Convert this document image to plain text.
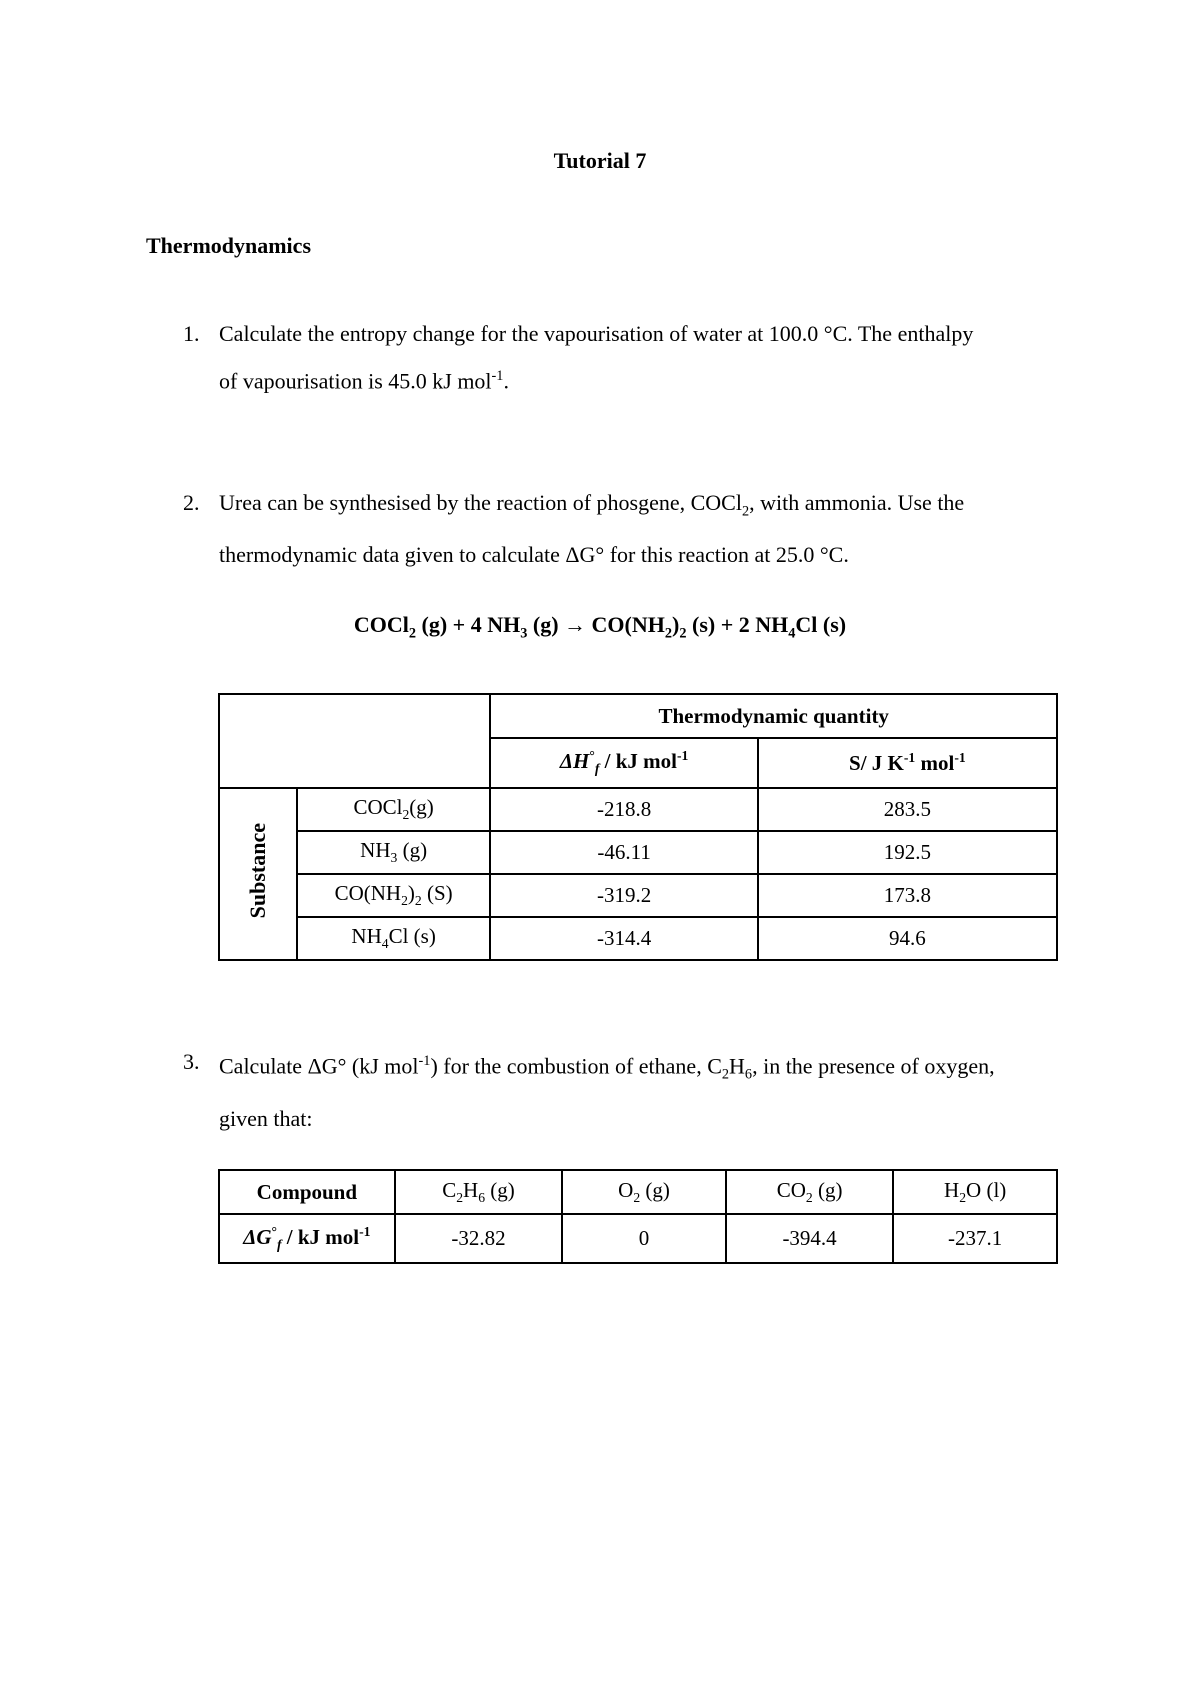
Tutorial 7
Thermodynamics
1. Calculate the entropy change for the vapourisation of water at 100.0 °C. The enthalpy
of vapourisation is 45.0 kJ mol$^{-1}$.
2. Urea can be synthesised by the reaction of phosgene, COCl$_2$, with ammonia. Use the
thermodynamic data given to calculate ΔG° for this reaction at 25.0 °C.
COCl$_2$ (g) + 4 $NH_3$ $(g) \to CO(NH_2)_2$ (s) + 2 $NH_4Cl$ (s)
		Thermodynamic quantity	
		$\Delta H^\circ_f$ / kJ mol$^{-1}$	S/ J $K^{-1}$ mol$^{-1}$
Substance	COCl$_2$(g)	-218.8	283.5
	$NH_3$ (g)	-46.11	192.5
	$CO(NH_2)_2$ (S)	-319.2	173.8
	$NH_4Cl$ (s)	-314.4	94.6
3. Calculate ΔG° (kJ mol$^{-1}$) for the combustion of ethane, $C_2H_6$, in the presence of oxygen,
given that:
Compound	$C_2H_6$ (g)	$O_2$ (g)	$CO_2$ (g)	$H_2O$ (l)
$\Delta G^\circ_f$ / kJ mol$^{-1}$	-32.82	0	-394.4	-237.1
